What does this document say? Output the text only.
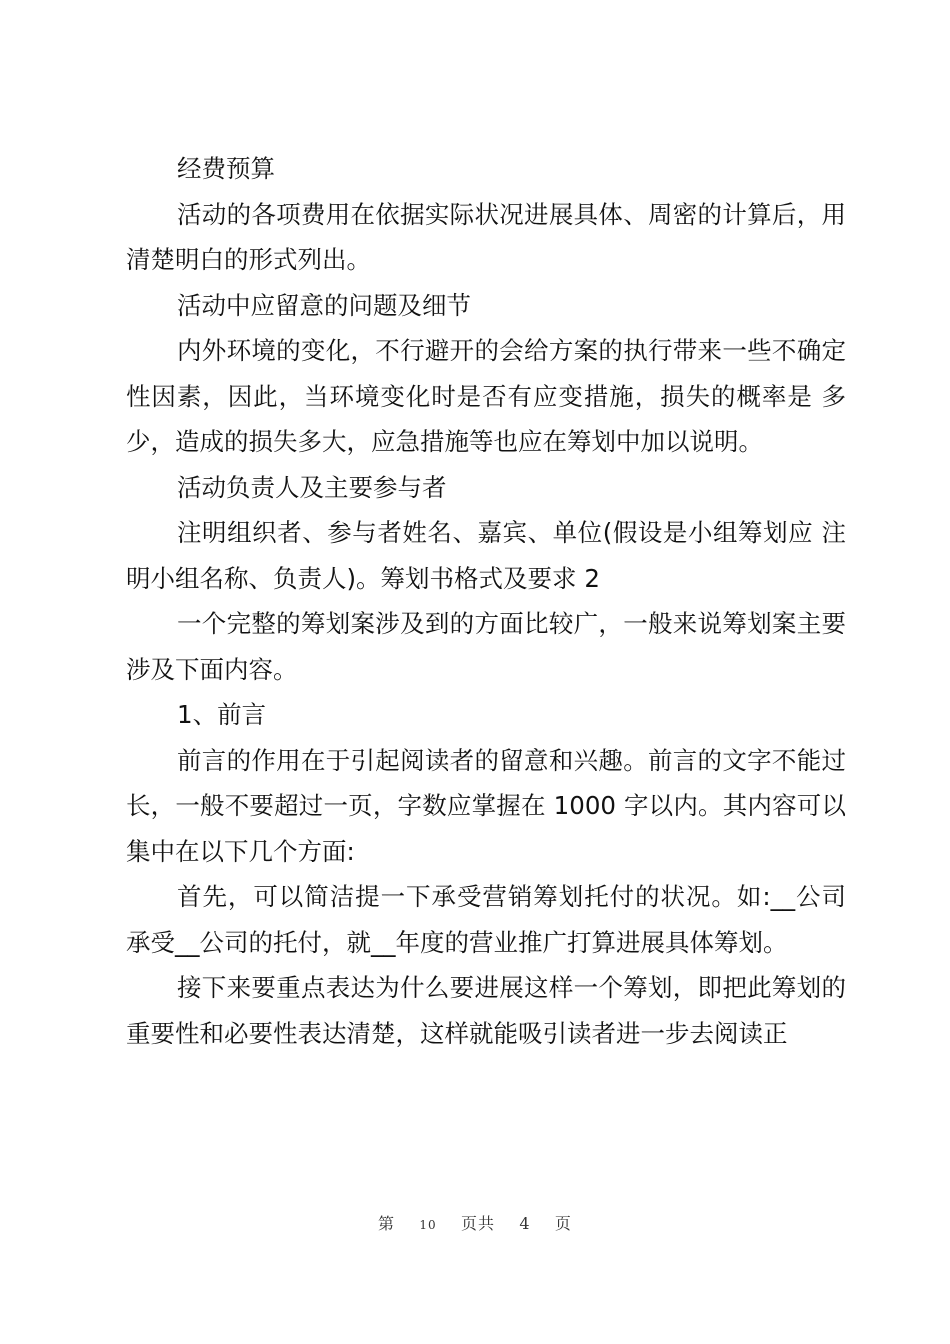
经费预算

活动的各项费用在依据实际状况进展具体、周密的计算后，用清楚明白的形式列出。

活动中应留意的问题及细节

内外环境的变化，不行避开的会给方案的执行带来一些不确定性因素，因此，当环境变化时是否有应变措施，损失的概率是 多少，造成的损失多大，应急措施等也应在筹划中加以说明。

活动负责人及主要参与者

注明组织者、参与者姓名、嘉宾、单位(假设是小组筹划应 注明小组名称、负责人)。筹划书格式及要求 2

一个完整的筹划案涉及到的方面比较广，一般来说筹划案主要涉及下面内容。

1、前言

前言的作用在于引起阅读者的留意和兴趣。前言的文字不能过长，一般不要超过一页，字数应掌握在 1000 字以内。其内容可以集中在以下几个方面:

首先，可以简洁提一下承受营销筹划托付的状况。如:__公司承受__公司的托付，就__年度的营业推广打算进展具体筹划。

接下来要重点表达为什么要进展这样一个筹划，即把此筹划的重要性和必要性表达清楚，这样就能吸引读者进一步去阅读正

第 10 页共 4 页
